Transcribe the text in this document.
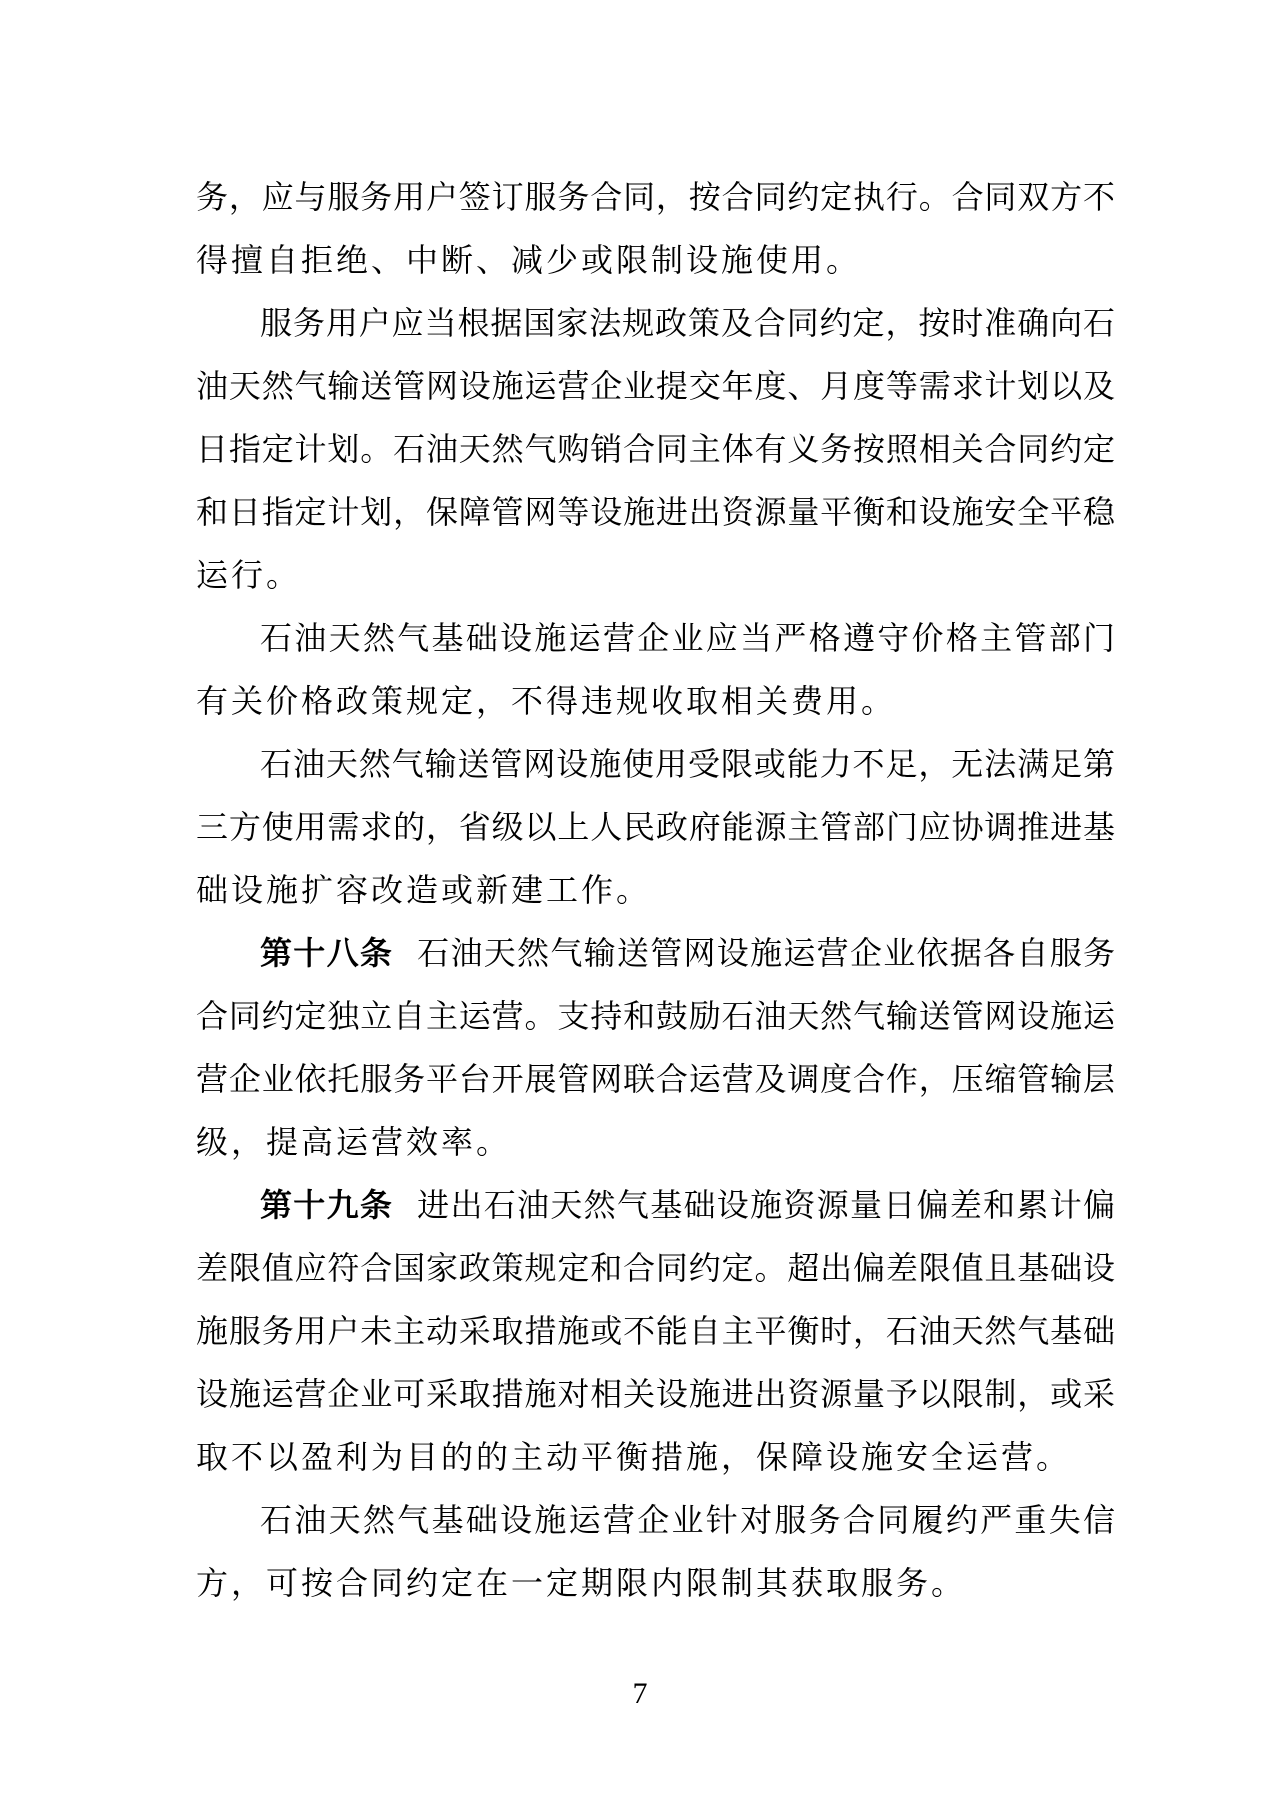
务，应与服务用户签订服务合同，按合同约定执行。合同双方不
得擅自拒绝、中断、减少或限制设施使用。
服务用户应当根据国家法规政策及合同约定，按时准确向石
油天然气输送管网设施运营企业提交年度、月度等需求计划以及
日指定计划。石油天然气购销合同主体有义务按照相关合同约定
和日指定计划，保障管网等设施进出资源量平衡和设施安全平稳
运行。
石油天然气基础设施运营企业应当严格遵守价格主管部门
有关价格政策规定，不得违规收取相关费用。
石油天然气输送管网设施使用受限或能力不足，无法满足第
三方使用需求的，省级以上人民政府能源主管部门应协调推进基
础设施扩容改造或新建工作。
第十八条 石油天然气输送管网设施运营企业依据各自服务
合同约定独立自主运营。支持和鼓励石油天然气输送管网设施运
营企业依托服务平台开展管网联合运营及调度合作，压缩管输层
级，提高运营效率。
第十九条 进出石油天然气基础设施资源量日偏差和累计偏
差限值应符合国家政策规定和合同约定。超出偏差限值且基础设
施服务用户未主动采取措施或不能自主平衡时，石油天然气基础
设施运营企业可采取措施对相关设施进出资源量予以限制，或采
取不以盈利为目的的主动平衡措施，保障设施安全运营。
石油天然气基础设施运营企业针对服务合同履约严重失信
方，可按合同约定在一定期限内限制其获取服务。
7
